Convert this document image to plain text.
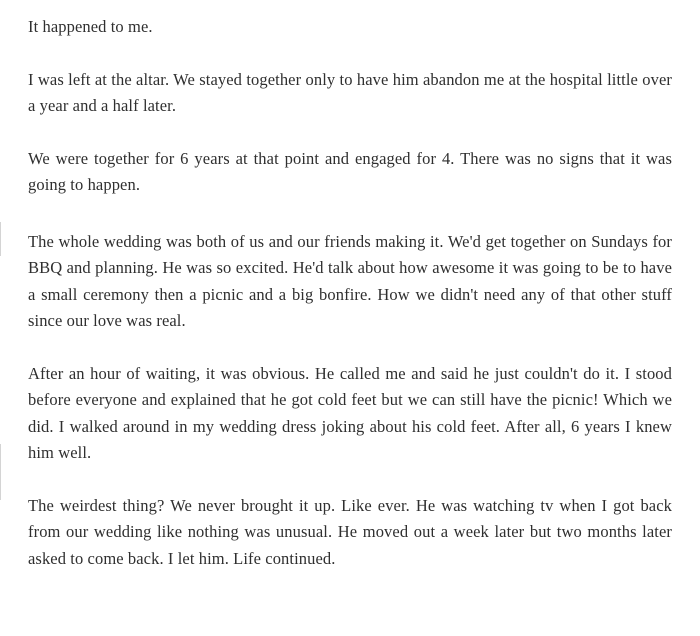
It happened to me.

I was left at the altar. We stayed together only to have him abandon me at the hospital little over a year and a half later.

We were together for 6 years at that point and engaged for 4. There was no signs that it was going to happen.

The whole wedding was both of us and our friends making it. We'd get together on Sundays for BBQ and planning. He was so excited. He'd talk about how awesome it was going to be to have a small ceremony then a picnic and a big bonfire. How we didn't need any of that other stuff since our love was real.

After an hour of waiting, it was obvious. He called me and said he just couldn't do it. I stood before everyone and explained that he got cold feet but we can still have the picnic! Which we did. I walked around in my wedding dress joking about his cold feet. After all, 6 years I knew him well.

The weirdest thing? We never brought it up. Like ever. He was watching tv when I got back from our wedding like nothing was unusual. He moved out a week later but two months later asked to come back. I let him. Life continued.
